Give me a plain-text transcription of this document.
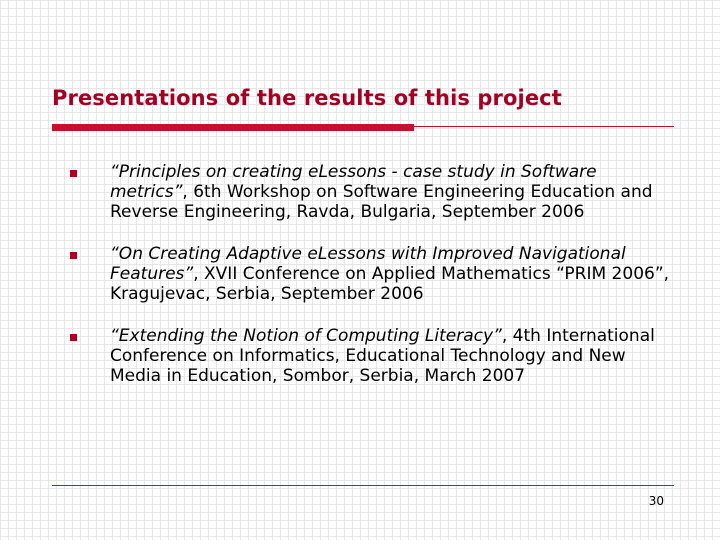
Presentations of the results of this project
“Principles on creating eLessons - case study in Software metrics”, 6th Workshop on Software Engineering Education and Reverse Engineering, Ravda, Bulgaria, September 2006
“On Creating Adaptive eLessons with Improved Navigational Features”, XVII Conference on Applied Mathematics “PRIM 2006”, Kragujevac, Serbia, September 2006
“Extending the Notion of Computing Literacy”, 4th International Conference on Informatics, Educational Technology and New Media in Education, Sombor, Serbia, March 2007
30
